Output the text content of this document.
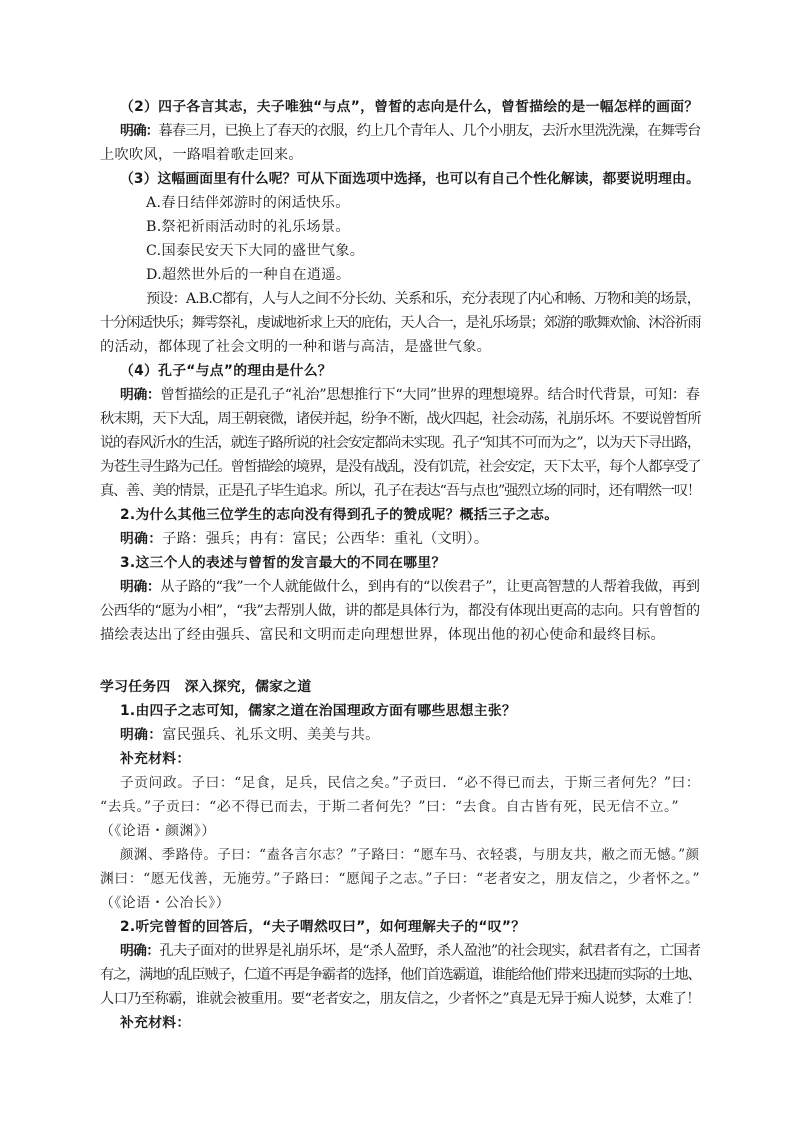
（2）四子各言其志，夫子唯独“与点”，曾皙的志向是什么，曾皙描绘的是一幅怎样的画面？
明确：暮春三月，已换上了春天的衣服，约上几个青年人、几个小朋友，去沂水里洗洗澡，在舞雩台
上吹吹风，一路唱着歌走回来。
（3）这幅画面里有什么呢？可从下面选项中选择，也可以有自己个性化解读，都要说明理由。
A.春日结伴郊游时的闲适快乐。
B.祭祀祈雨活动时的礼乐场景。
C.国泰民安天下大同的盛世气象。
D.超然世外后的一种自在逍遥。
预设：A.B.C都有，人与人之间不分长幼、关系和乐，充分表现了内心和畅、万物和美的场景，
十分闲适快乐；舞雩祭礼，虔诚地祈求上天的庇佑，天人合一，是礼乐场景；郊游的歌舞欢愉、沐浴祈雨
的活动，都体现了社会文明的一种和谐与高洁，是盛世气象。
（4）孔子“与点”的理由是什么？
明确：曾皙描绘的正是孔子“礼治”思想推行下“大同”世界的理想境界。结合时代背景，可知：春
秋末期，天下大乱，周王朝衰微，诸侯并起，纷争不断，战火四起，社会动荡，礼崩乐坏。不要说曾皙所
说的春风沂水的生活，就连子路所说的社会安定都尚未实现。孔子“知其不可而为之”，以为天下寻出路，
为苍生寻生路为己任。曾皙描绘的境界，是没有战乱，没有饥荒，社会安定，天下太平，每个人都享受了
真、善、美的情景，正是孔子毕生追求。所以，孔子在表达“吾与点也”强烈立场的同时，还有喟然一叹！
2.为什么其他三位学生的志向没有得到孔子的赞成呢？概括三子之志。
明确：子路：强兵；冉有：富民；公西华：重礼（文明）。
3.这三个人的表述与曾皙的发言最大的不同在哪里？
明确：从子路的“我”一个人就能做什么，到冉有的“以俟君子”，让更高智慧的人帮着我做，再到
公西华的“愿为小相”，“我”去帮别人做，讲的都是具体行为，都没有体现出更高的志向。只有曾皙的
描绘表达出了经由强兵、富民和文明而走向理想世界，体现出他的初心使命和最终目标。
学习任务四　深入探究，儒家之道
1.由四子之志可知，儒家之道在治国理政方面有哪些思想主张？
明确：富民强兵、礼乐文明、美美与共。
补充材料：
子贡问政。子曰：“足食，足兵，民信之矣。”子贡曰．“必不得已而去，于斯三者何先？”曰：
“去兵。”子贡曰：“必不得已而去，于斯二者何先？”曰：“去食。自古皆有死，民无信不立。”
（《论语・颜渊》）
颜渊、季路侍。子曰：“盍各言尔志？”子路曰：“愿车马、衣轻裘，与朋友共，敝之而无憾。”颜
渊曰：“愿无伐善，无施劳。”子路曰：“愿闻子之志。”子曰：“老者安之，朋友信之，少者怀之。”
（《论语・公冶长》）
2.听完曾皙的回答后，“夫子喟然叹曰”，如何理解夫子的“叹”？
明确：孔夫子面对的世界是礼崩乐坏，是“杀人盈野，杀人盈池”的社会现实，弑君者有之，亡国者
有之，满地的乱臣贼子，仁道不再是争霸者的选择，他们首选霸道，谁能给他们带来迅捷而实际的土地、
人口乃至称霸，谁就会被重用。要“老者安之，朋友信之，少者怀之”真是无异于痴人说梦，太难了！
补充材料：
